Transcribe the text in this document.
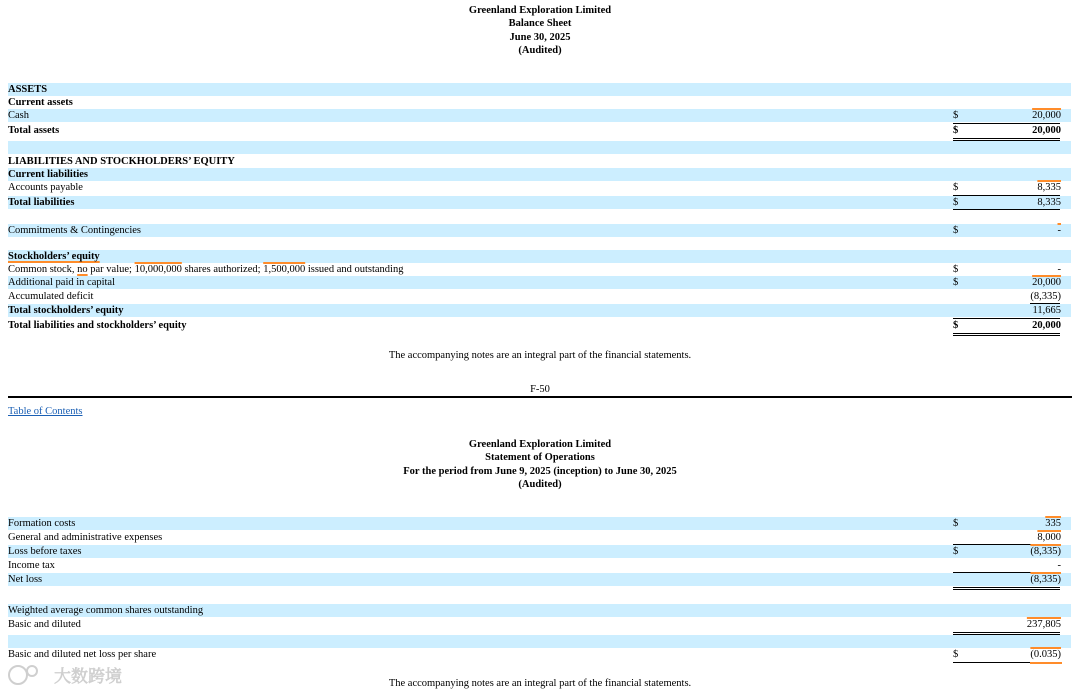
Greenland Exploration Limited
Balance Sheet
June 30, 2025
(Audited)
ASSETS
Current assets
Cash	$	20,000
Total assets	$	20,000
LIABILITIES AND STOCKHOLDERS’ EQUITY
Current liabilities
Accounts payable	$	8,335
Total liabilities	$	8,335
Commitments & Contingencies	$	-
Stockholders’ equity
Common stock, no par value; 10,000,000 shares authorized; 1,500,000 issued and outstanding	$	-
Additional paid in capital	$	20,000
Accumulated deficit	(8,335)
Total stockholders’ equity	11,665
Total liabilities and stockholders’ equity	$	20,000
The accompanying notes are an integral part of the financial statements.
F-50
Table of Contents
Greenland Exploration Limited
Statement of Operations
For the period from June 9, 2025 (inception) to June 30, 2025
(Audited)
Formation costs	$	335
General and administrative expenses	8,000
Loss before taxes	$	(8,335)
Income tax	-
Net loss	(8,335)
Weighted average common shares outstanding
Basic and diluted	237,805
Basic and diluted net loss per share	$	(0.035)
The accompanying notes are an integral part of the financial statements.
大数跨境
